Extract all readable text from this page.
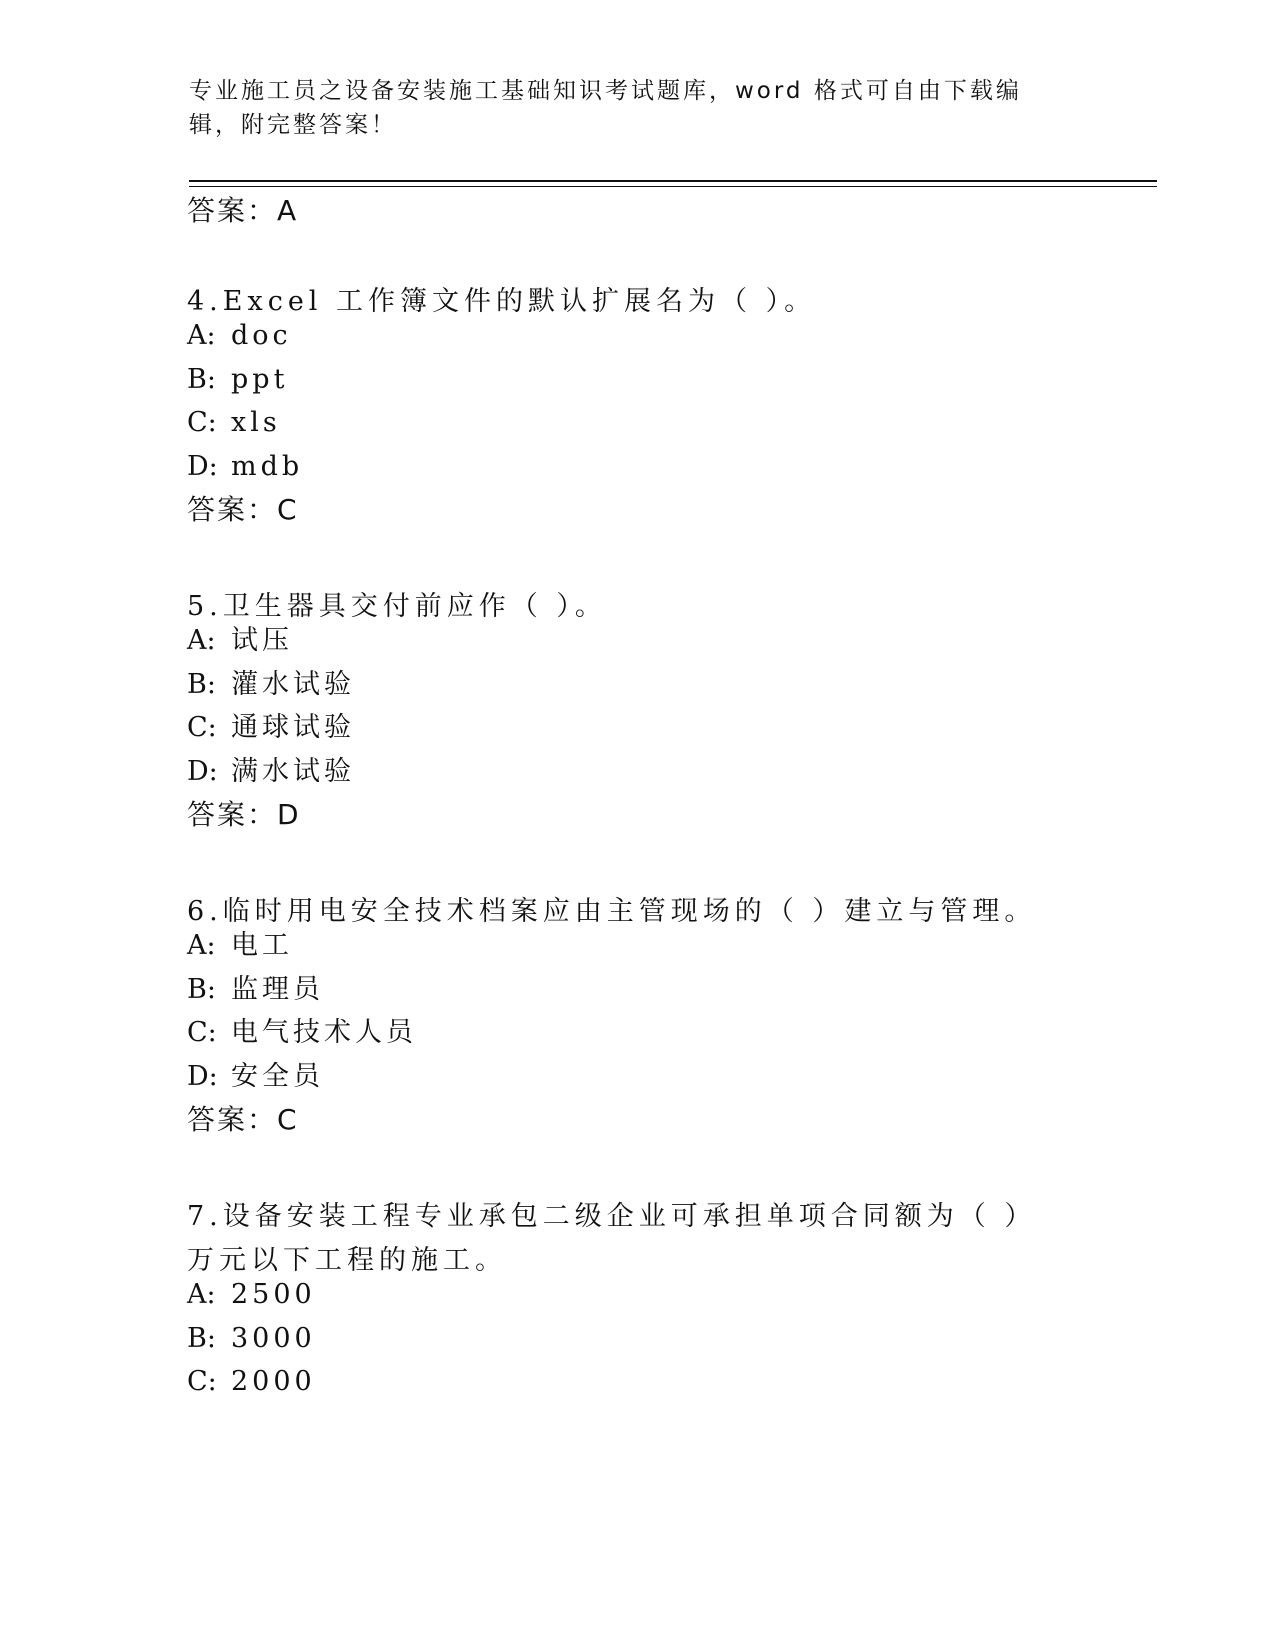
专业施工员之设备安装施工基础知识考试题库，word 格式可自由下载编辑，附完整答案！
答案：A
4.Excel 工作簿文件的默认扩展名为（ ）。
A: doc
B: ppt
C: xls
D: mdb
答案：C
5.卫生器具交付前应作（ ）。
A: 试压
B: 灌水试验
C: 通球试验
D: 满水试验
答案：D
6.临时用电安全技术档案应由主管现场的（ ）建立与管理。
A: 电工
B: 监理员
C: 电气技术人员
D: 安全员
答案：C
7.设备安装工程专业承包二级企业可承担单项合同额为（ ）万元以下工程的施工。
A: 2500
B: 3000
C: 2000
